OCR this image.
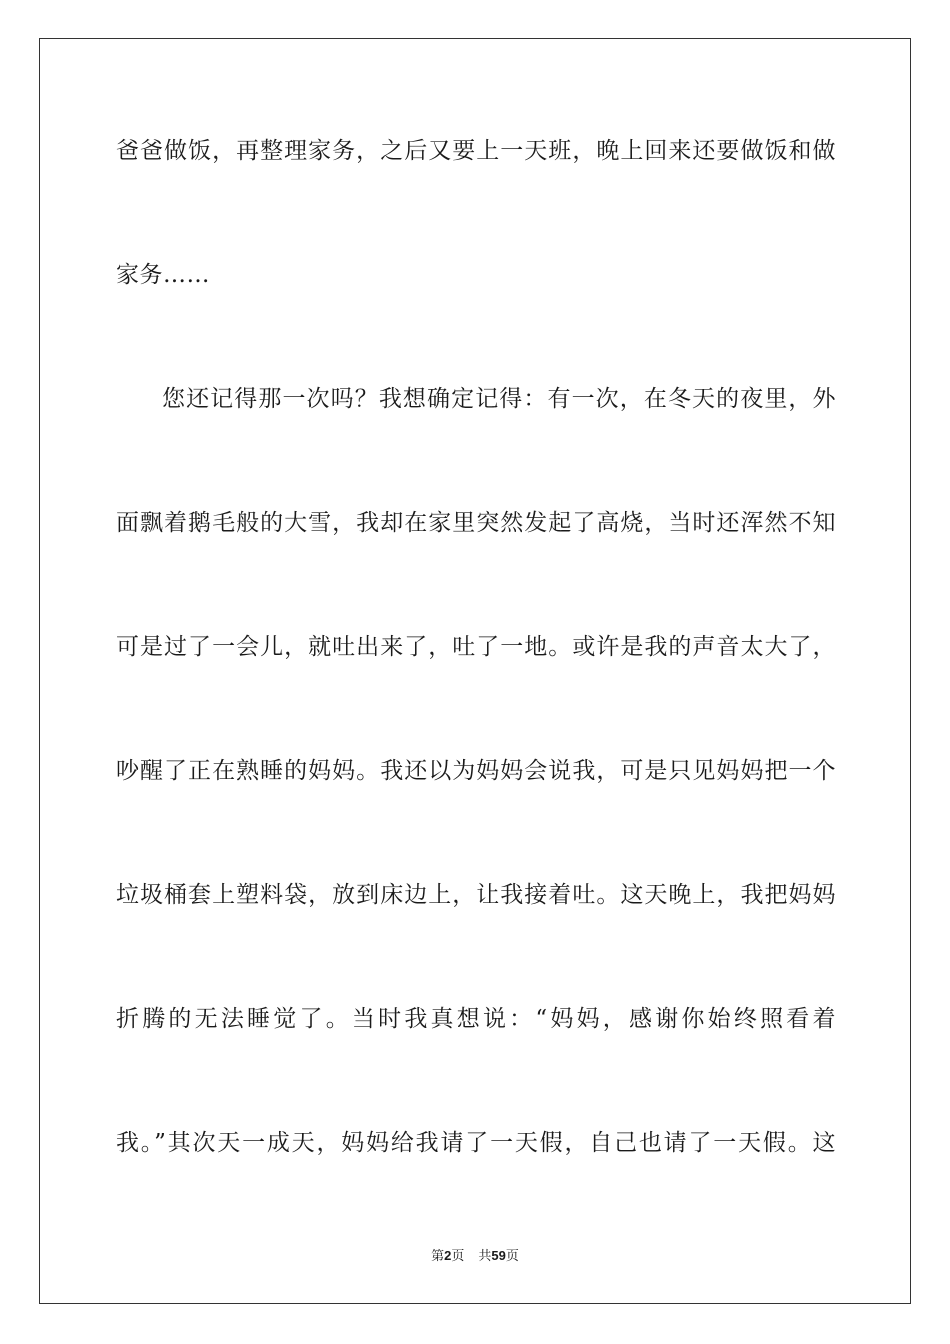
爸爸做饭，再整理家务，之后又要上一天班，晚上回来还要做饭和做
家务……
您还记得那一次吗？我想确定记得：有一次，在冬天的夜里，外
面飘着鹅毛般的大雪，我却在家里突然发起了高烧，当时还浑然不知
可是过了一会儿，就吐出来了，吐了一地。或许是我的声音太大了，
吵醒了正在熟睡的妈妈。我还以为妈妈会说我，可是只见妈妈把一个
垃圾桶套上塑料袋，放到床边上，让我接着吐。这天晚上，我把妈妈
折腾的无法睡觉了。当时我真想说：“妈妈，感谢你始终照看着
我。”其次天一成天，妈妈给我请了一天假，自己也请了一天假。这
第2页 共59页
